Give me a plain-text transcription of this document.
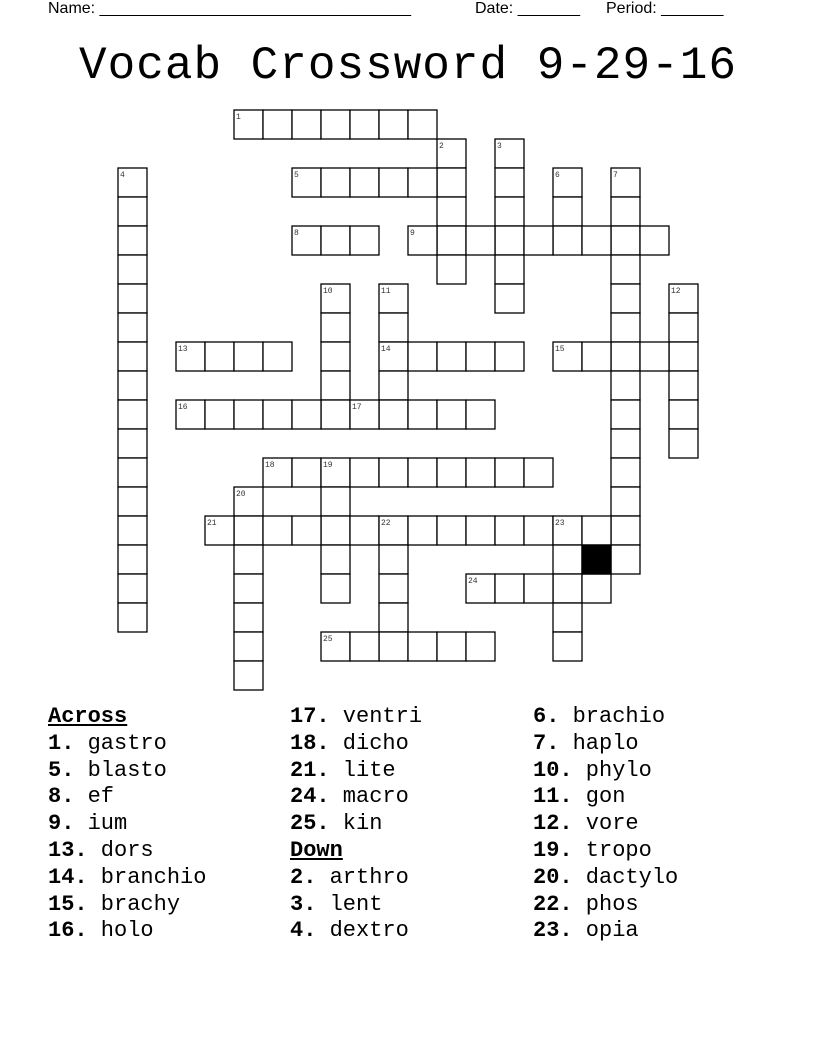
Name: ___________________________________	Date: _______ Period: _______
Vocab Crossword 9-29-16
1
2	3
4	5	6	7
8	9
10	11	12
13	14	15
16	17
18	19
20
21	22	23
24
25
Across
1. gastro
5. blasto
8. ef
9. ium
13. dors
14. branchio
15. brachy
16. holo
17. ventri
18. dicho
21. lite
24. macro
25. kin
Down
2. arthro
3. lent
4. dextro
6. brachio
7. haplo
10. phylo
11. gon
12. vore
19. tropo
20. dactylo
22. phos
23. opia
